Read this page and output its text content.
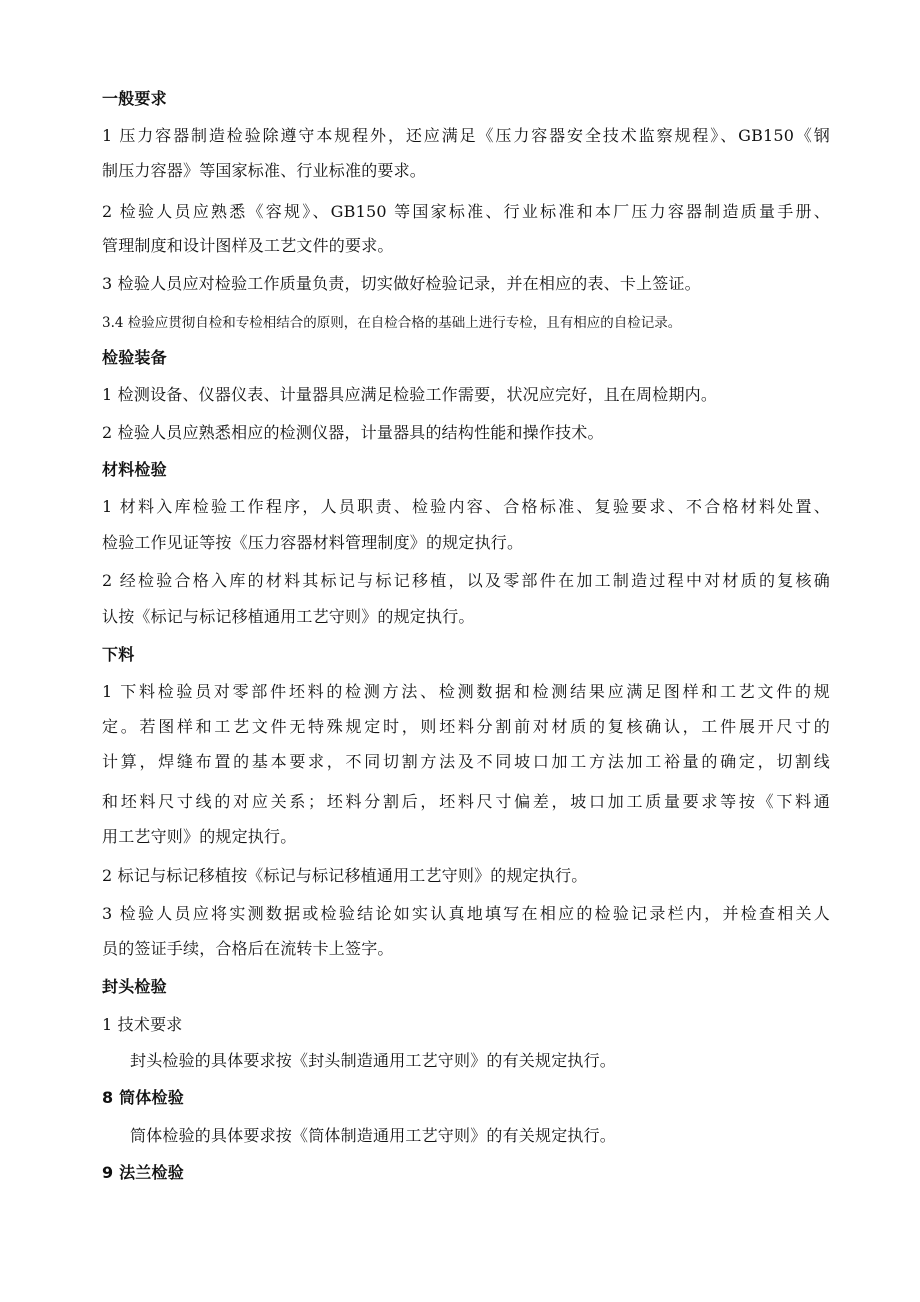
一般要求
1 压力容器制造检验除遵守本规程外，还应满足《压力容器安全技术监察规程》、GB150《钢
制压力容器》等国家标准、行业标准的要求。
2 检验人员应熟悉《容规》、GB150 等国家标准、行业标准和本厂压力容器制造质量手册、
管理制度和设计图样及工艺文件的要求。
3 检验人员应对检验工作质量负责，切实做好检验记录，并在相应的表、卡上签证。
3.4 检验应贯彻自检和专检相结合的原则，在自检合格的基础上进行专检，且有相应的自检记录。
检验装备
1 检测设备、仪器仪表、计量器具应满足检验工作需要，状况应完好，且在周检期内。
2 检验人员应熟悉相应的检测仪器，计量器具的结构性能和操作技术。
材料检验
1 材料入库检验工作程序，人员职责、检验内容、合格标准、复验要求、不合格材料处置、
检验工作见证等按《压力容器材料管理制度》的规定执行。
2 经检验合格入库的材料其标记与标记移植，以及零部件在加工制造过程中对材质的复核确
认按《标记与标记移植通用工艺守则》的规定执行。
下料
1 下料检验员对零部件坯料的检测方法、检测数据和检测结果应满足图样和工艺文件的规
定。若图样和工艺文件无特殊规定时，则坯料分割前对材质的复核确认，工件展开尺寸的
计算，焊缝布置的基本要求，不同切割方法及不同坡口加工方法加工裕量的确定，切割线
和坯料尺寸线的对应关系；坯料分割后，坯料尺寸偏差，坡口加工质量要求等按《下料通
用工艺守则》的规定执行。
2 标记与标记移植按《标记与标记移植通用工艺守则》的规定执行。
3 检验人员应将实测数据或检验结论如实认真地填写在相应的检验记录栏内，并检查相关人
员的签证手续，合格后在流转卡上签字。
封头检验
1 技术要求
封头检验的具体要求按《封头制造通用工艺守则》的有关规定执行。
8 筒体检验
筒体检验的具体要求按《筒体制造通用工艺守则》的有关规定执行。
9 法兰检验
